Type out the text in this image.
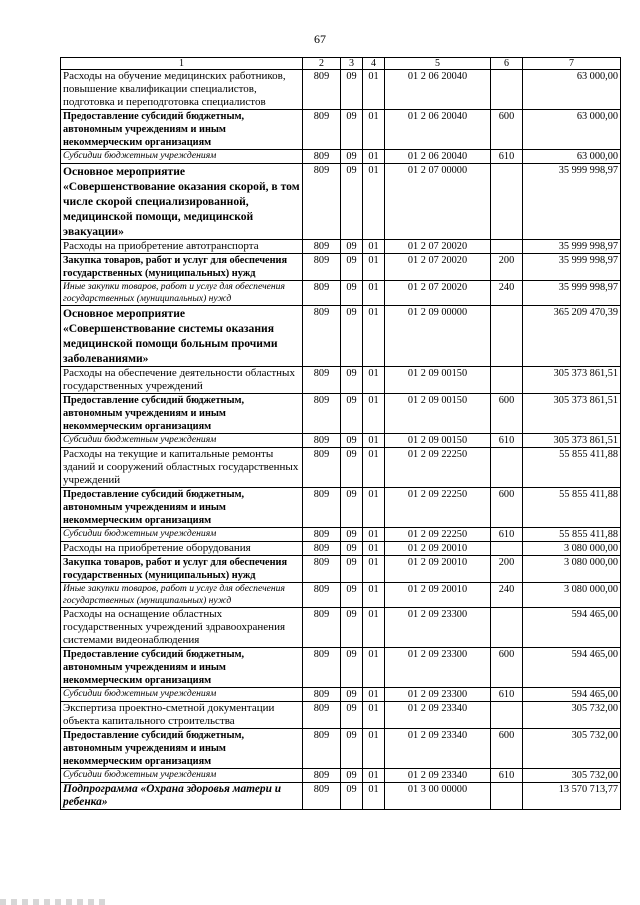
67
1	2	3	4	5	6	7
Расходы на обучение медицинских работников, повышение квалификации специалистов, подготовка и переподготовка специалистов	809	09	01	01 2 06 20040		63 000,00
Предоставление субсидий бюджетным, автономным учреждениям и иным некоммерческим организациям	809	09	01	01 2 06 20040	600	63 000,00
Субсидии бюджетным учреждениям	809	09	01	01 2 06 20040	610	63 000,00
Основное мероприятие «Совершенствование оказания скорой, в том числе скорой специализированной, медицинской помощи, медицинской эвакуации»	809	09	01	01 2 07 00000		35 999 998,97
Расходы на приобретение автотранспорта	809	09	01	01 2 07 20020		35 999 998,97
Закупка товаров, работ и услуг для обеспечения государственных (муниципальных) нужд	809	09	01	01 2 07 20020	200	35 999 998,97
Иные закупки товаров, работ и услуг для обеспечения государственных (муниципальных) нужд	809	09	01	01 2 07 20020	240	35 999 998,97
Основное мероприятие «Совершенствование системы оказания медицинской помощи больным прочими заболеваниями»	809	09	01	01 2 09 00000		365 209 470,39
Расходы на обеспечение деятельности областных государственных учреждений	809	09	01	01 2 09 00150		305 373 861,51
Предоставление субсидий бюджетным, автономным учреждениям и иным некоммерческим организациям	809	09	01	01 2 09 00150	600	305 373 861,51
Субсидии бюджетным учреждениям	809	09	01	01 2 09 00150	610	305 373 861,51
Расходы на текущие и капитальные ремонты зданий и сооружений областных государственных учреждений	809	09	01	01 2 09 22250		55 855 411,88
Предоставление субсидий бюджетным, автономным учреждениям и иным некоммерческим организациям	809	09	01	01 2 09 22250	600	55 855 411,88
Субсидии бюджетным учреждениям	809	09	01	01 2 09 22250	610	55 855 411,88
Расходы на приобретение оборудования	809	09	01	01 2 09 20010		3 080 000,00
Закупка товаров, работ и услуг для обеспечения государственных (муниципальных) нужд	809	09	01	01 2 09 20010	200	3 080 000,00
Иные закупки товаров, работ и услуг для обеспечения государственных (муниципальных) нужд	809	09	01	01 2 09 20010	240	3 080 000,00
Расходы на оснащение областных государственных учреждений здравоохранения системами видеонаблюдения	809	09	01	01 2 09 23300		594 465,00
Предоставление субсидий бюджетным, автономным учреждениям и иным некоммерческим организациям	809	09	01	01 2 09 23300	600	594 465,00
Субсидии бюджетным учреждениям	809	09	01	01 2 09 23300	610	594 465,00
Экспертиза проектно-сметной документации объекта капитального строительства	809	09	01	01 2 09 23340		305 732,00
Предоставление субсидий бюджетным, автономным учреждениям и иным некоммерческим организациям	809	09	01	01 2 09 23340	600	305 732,00
Субсидии бюджетным учреждениям	809	09	01	01 2 09 23340	610	305 732,00
Подпрограмма «Охрана здоровья матери и ребенка»	809	09	01	01 3 00 00000		13 570 713,77
